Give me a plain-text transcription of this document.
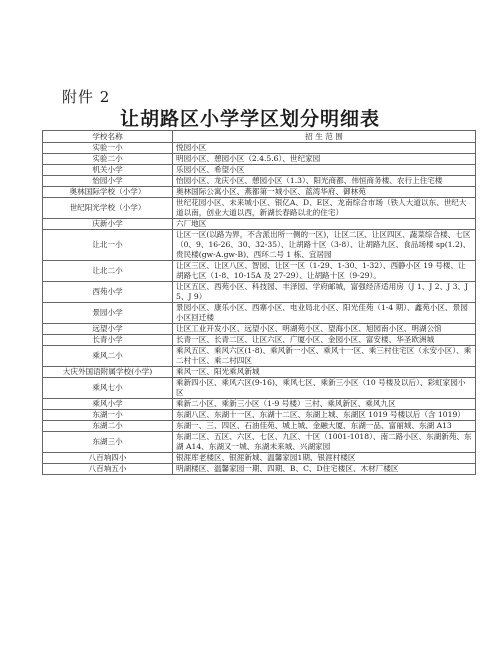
附件 2
让胡路区小学学区划分明细表
学校名称	招 生 范 围
实验一小	悦园小区
实验二小	明园小区、憩园小区（2.4.5.6）、世纪家园
机关小学	乐园小区、希望小区
怡园小学	怡园小区、龙庆小区、憩园小区（1.3）、阳光商都、伟恒商务楼、农行上住宅楼
奥林国际学校（小学）	奥林国际公寓小区、燕都第一城小区、蓝湾华府、御林苑
世纪阳光学校（小学）	世纪花园小区、未来城小区、银亿A、D、E区、龙南综合市场（铁人大道以东、世纪大道以南，创业大道以西，新湖长春路以北的住宅）
庆新小学	六厂地区
让北一小	让区一区(以路为界，不含派出所一侧的一区)，让区二区、让区四区、蔬菜综合楼、七区（0、9、16-26、30、32-35）、让胡路十区（3-8）、让胡路九区、食品场楼 sp(1.2)、贵民楼(gw-A.gw-B)、西环二号 1 栋、宜居园
让北二小	让区三区、让区八区、智园、让区一区（1-29、1-30、1-32）、西静小区 19 号楼、让胡路七区（1-8、10-15A 及 27-29）、让胡路十区（9-29）。
西苑小学	让区五区、西苑小区、科技园、丰泽园、学府邮城，富强经济适用房（J 1、J 2、J 3、J 5、J 9）
景园小学	景园小区、康乐小区、西寨小区、电业局北小区、阳光佳苑（1-4 期）、鑫苑小区、景园小区回迁楼
远望小学	让区工业开发小区、远望小区、明湖苑小区、望海小区、旭园南小区、明湖公馆
长青小学	长青一区、长青二区、让区六区、广厦小区、金园小区、富安楼、华圣欧洲城
乘风二小	乘风五区、乘风六区(1-8)、乘风新一小区、乘风十一区、乘三村住宅区（永安小区）、乘二村十区、乘二村四区
大庆外国语附属学校(小学)	乘风一区、阳光乘风新城
乘风七小	乘新四小区、乘风六区(9-16)、乘风七区、乘新三小区（10 号楼及以后）、彩虹家园小区
乘风小学	乘新二小区、乘新三小区（1-9 号楼）三村、乘风新区、乘风九区
东湖一小	东湖八区、东湖十一区、东湖十二区、东湖上城、东湖区 1019 号楼以后（含 1019）
东湖二小	东湖一、三、四区、石油佳苑、城上城、金融大厦、东湖一品、富丽城、东湖 A13
东湖三小	东湖二区、五区、六区、七区、九区、十区（1001-1018）、南二路小区、东湖新苑、东湖 A14、东湖又一城、东湖未来城、兴湖家园
八百垧四小	银涯库老楼区、银涯新城、温馨家园1期、银涯村楼区
八百垧五小	明湖楼区、温馨家园一期、四期、B、C、D住宅楼区、木材厂楼区
